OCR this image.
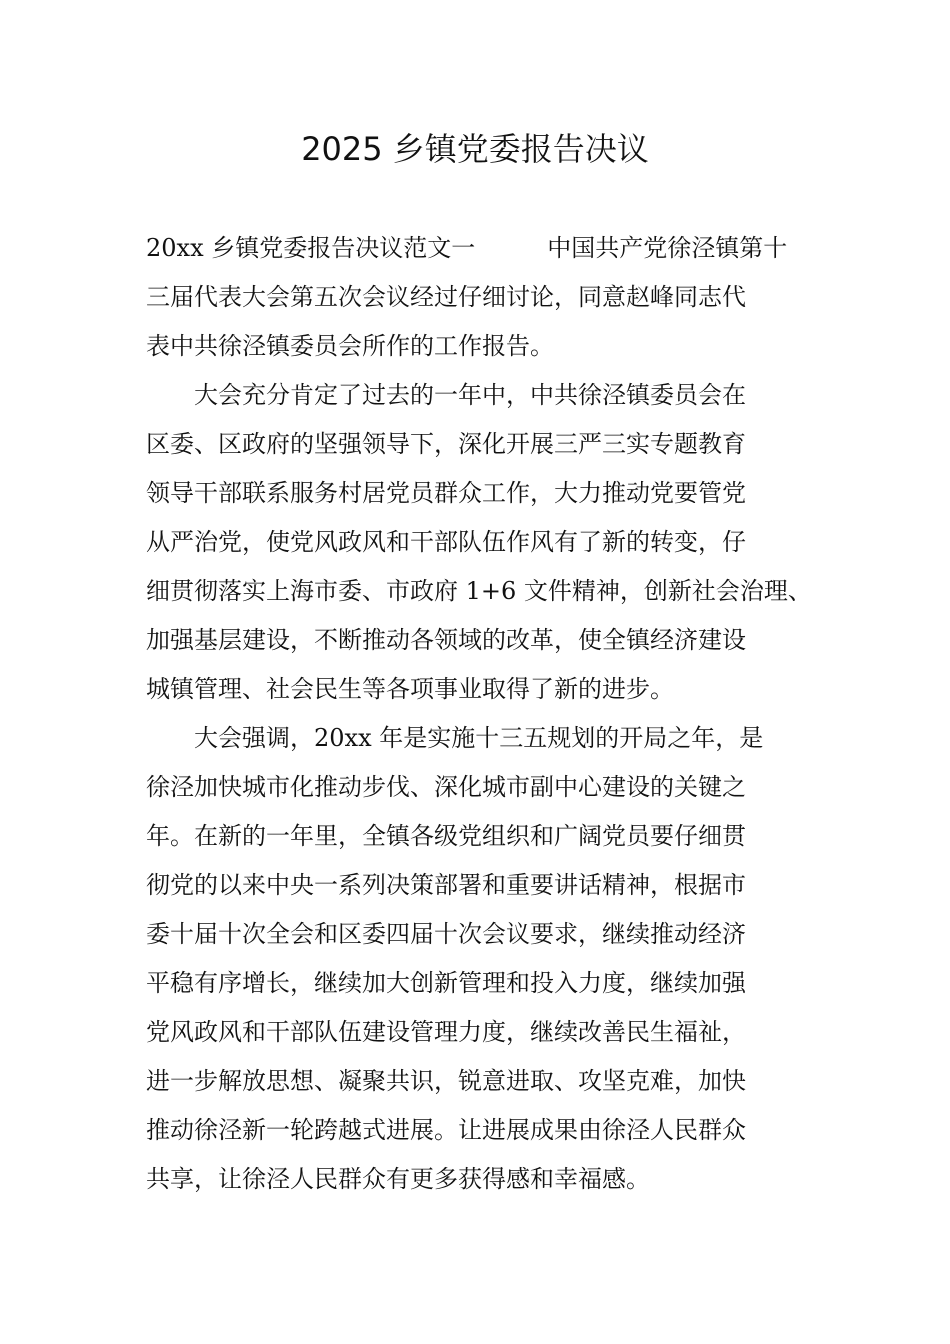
2025 乡镇党委报告决议
20xx 乡镇党委报告决议范文一	中国共产党徐泾镇第十
三届代表大会第五次会议经过仔细讨论，同意赵峰同志代
表中共徐泾镇委员会所作的工作报告。
大会充分肯定了过去的一年中，中共徐泾镇委员会在
区委、区政府的坚强领导下，深化开展三严三实专题教育
领导干部联系服务村居党员群众工作，大力推动党要管党
从严治党，使党风政风和干部队伍作风有了新的转变，仔
细贯彻落实上海市委、市政府 1+6 文件精神，创新社会治理、
加强基层建设，不断推动各领域的改革，使全镇经济建设
城镇管理、社会民生等各项事业取得了新的进步。
大会强调，20xx 年是实施十三五规划的开局之年，是
徐泾加快城市化推动步伐、深化城市副中心建设的关键之
年。在新的一年里，全镇各级党组织和广阔党员要仔细贯
彻党的以来中央一系列决策部署和重要讲话精神，根据市
委十届十次全会和区委四届十次会议要求，继续推动经济
平稳有序增长，继续加大创新管理和投入力度，继续加强
党风政风和干部队伍建设管理力度，继续改善民生福祉，
进一步解放思想、凝聚共识，锐意进取、攻坚克难，加快
推动徐泾新一轮跨越式进展。让进展成果由徐泾人民群众
共享，让徐泾人民群众有更多获得感和幸福感。
